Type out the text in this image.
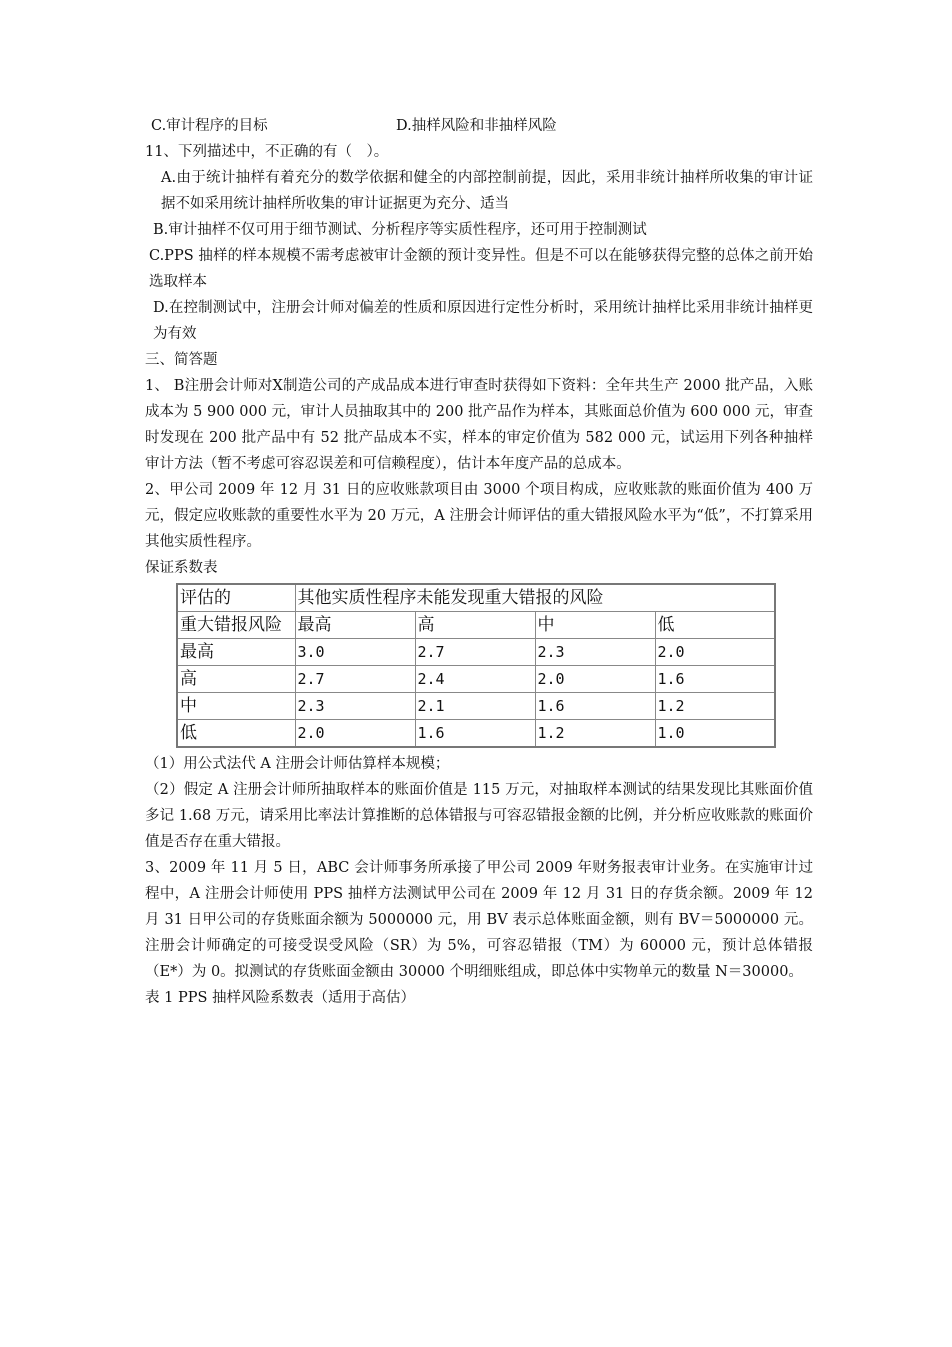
C.审计程序的目标	D.抽样风险和非抽样风险
11、下列描述中，不正确的有（　）。
A.由于统计抽样有着充分的数学依据和健全的内部控制前提，因此，采用非统计抽样所收集的审计证据不如采用统计抽样所收集的审计证据更为充分、适当
B.审计抽样不仅可用于细节测试、分析程序等实质性程序，还可用于控制测试
C.PPS 抽样的样本规模不需考虑被审计金额的预计变异性。但是不可以在能够获得完整的总体之前开始选取样本
D.在控制测试中，注册会计师对偏差的性质和原因进行定性分析时，采用统计抽样比采用非统计抽样更为有效
三、简答题
1、 B注册会计师对X制造公司的产成品成本进行审查时获得如下资料：全年共生产 2000 批产品，入账成本为 5 900 000 元，审计人员抽取其中的 200 批产品作为样本，其账面总价值为 600 000 元，审查时发现在 200 批产品中有 52 批产品成本不实，样本的审定价值为 582 000 元，试运用下列各种抽样审计方法（暂不考虑可容忍误差和可信赖程度），估计本年度产品的总成本。
2、甲公司 2009 年 12 月 31 日的应收账款项目由 3000 个项目构成，应收账款的账面价值为 400 万元，假定应收账款的重要性水平为 20 万元，A 注册会计师评估的重大错报风险水平为“低”，不打算采用其他实质性程序。
保证系数表
评估的	其他实质性程序未能发现重大错报的风险			
重大错报风险	最高	高	中	低
最高	3.0	2.7	2.3	2.0
高	2.7	2.4	2.0	1.6
中	2.3	2.1	1.6	1.2
低	2.0	1.6	1.2	1.0
（1）用公式法代 A 注册会计师估算样本规模；
（2）假定 A 注册会计师所抽取样本的账面价值是 115 万元，对抽取样本测试的结果发现比其账面价值多记 1.68 万元，请采用比率法计算推断的总体错报与可容忍错报金额的比例，并分析应收账款的账面价值是否存在重大错报。
3、2009 年 11 月 5 日，ABC 会计师事务所承接了甲公司 2009 年财务报表审计业务。在实施审计过程中，A 注册会计师使用 PPS 抽样方法测试甲公司在 2009 年 12 月 31 日的存货余额。2009 年 12 月 31 日甲公司的存货账面余额为 5000000 元，用 BV 表示总体账面金额，则有 BV＝5000000 元。注册会计师确定的可接受误受风险（SR）为 5%，可容忍错报（TM）为 60000 元，预计总体错报（E*）为 0。拟测试的存货账面金额由 30000 个明细账组成，即总体中实物单元的数量 N＝30000。
表 1 PPS 抽样风险系数表（适用于高估）
